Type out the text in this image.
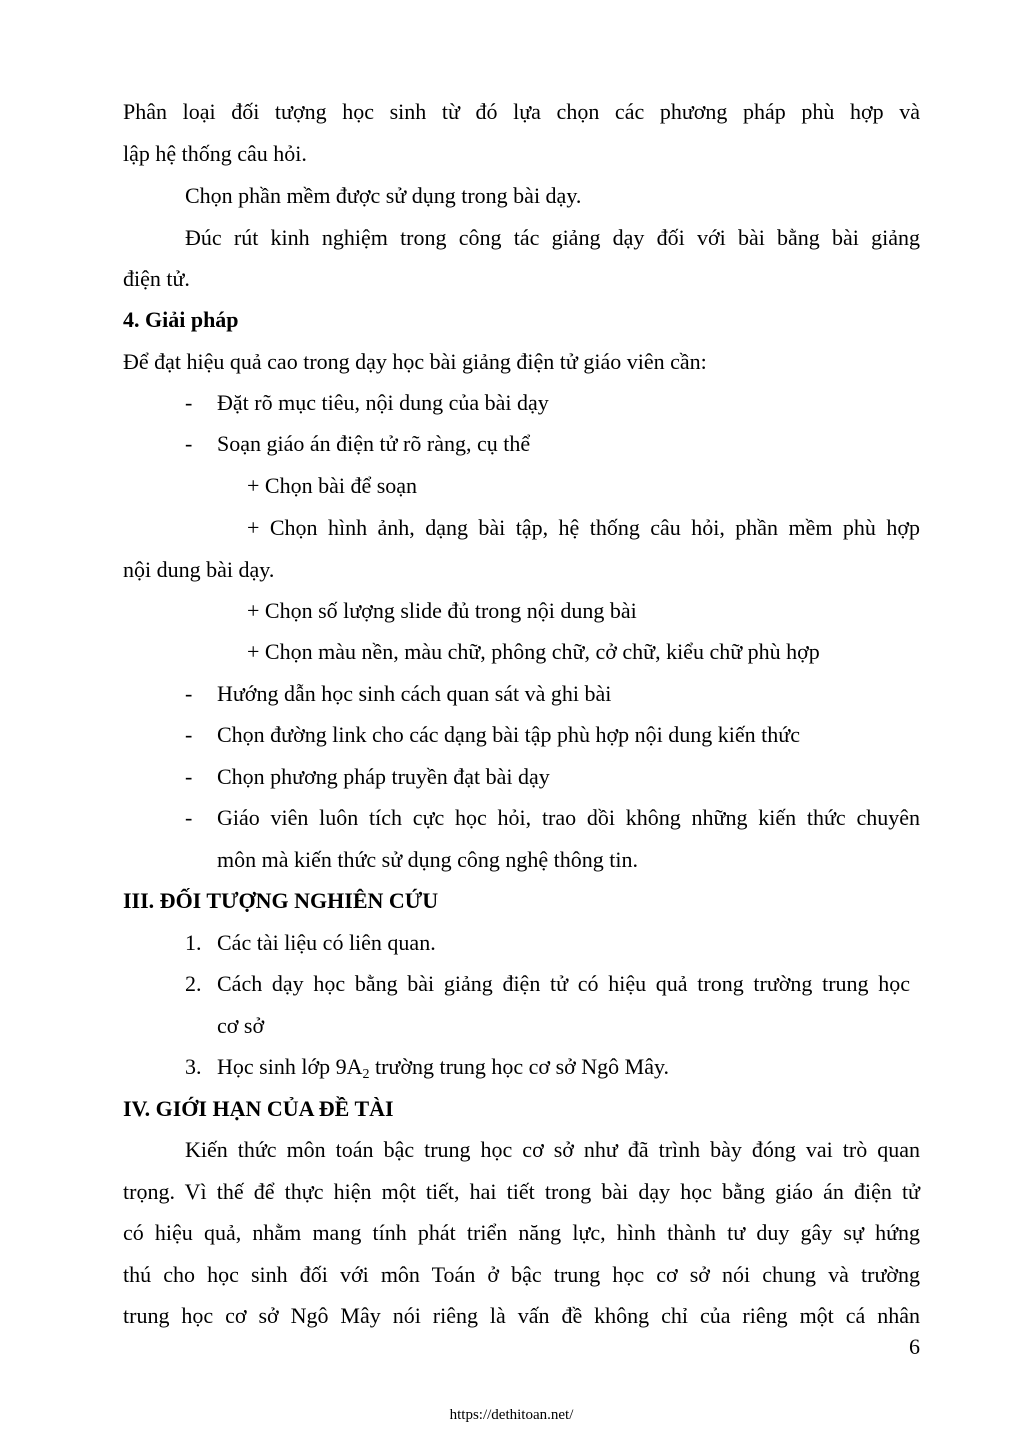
Phân loại đối tượng học sinh từ đó lựa chọn các phương pháp phù hợp và
lập hệ thống câu hỏi.
Chọn phần mềm được sử dụng trong bài dạy.
Đúc rút kinh nghiệm trong công tác giảng dạy đối với bài bằng bài giảng
điện tử.
4. Giải pháp
Để đạt hiệu quả cao trong dạy học bài giảng điện tử giáo viên cần:
- Đặt rõ mục tiêu, nội dung của bài dạy
- Soạn giáo án điện tử rõ ràng, cụ thể
+ Chọn bài để soạn
+ Chọn hình ảnh, dạng bài tập, hệ thống câu hỏi, phần mềm phù hợp
nội dung bài dạy.
+ Chọn số lượng slide đủ trong nội dung bài
+ Chọn màu nền, màu chữ, phông chữ, cở chữ, kiểu chữ phù hợp
- Hướng dẫn học sinh cách quan sát và ghi bài
- Chọn đường link cho các dạng bài tập phù hợp nội dung kiến thức
- Chọn phương pháp truyền đạt bài dạy
- Giáo viên luôn tích cực học hỏi, trao dồi không những kiến thức chuyên
môn mà kiến thức sử dụng công nghệ thông tin.
III. ĐỐI TƯỢNG NGHIÊN CỨU
1. Các tài liệu có liên quan.
2. Cách dạy học bằng bài giảng điện tử có hiệu quả trong trường trung học
cơ sở
3. Học sinh lớp $9A_2$ trường trung học cơ sở Ngô Mây.
IV. GIỚI HẠN CỦA ĐỀ TÀI
Kiến thức môn toán bậc trung học cơ sở như đã trình bày đóng vai trò quan
trọng. Vì thế để thực hiện một tiết, hai tiết trong bài dạy học bằng giáo án điện tử
có hiệu quả, nhằm mang tính phát triển năng lực, hình thành tư duy gây sự hứng
thú cho học sinh đối với môn Toán ở bậc trung học cơ sở nói chung và trường
trung học cơ sở Ngô Mây nói riêng là vấn đề không chỉ của riêng một cá nhân
6
https://dethitoan.net/
